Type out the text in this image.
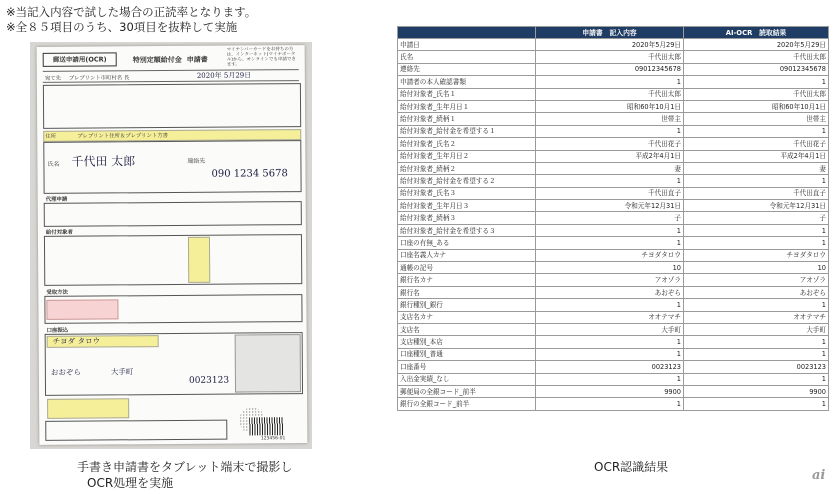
※当記入内容で試した場合の正読率となります。
※全８５項目のうち、30項目を抜粋して実施
郵送申請用(OCR)	特別定額給付金 申請書
マイナンバーカードをお持ちの方は、インターネット(マイナポータル)から、オンラインでも申請できます。
宛て先 プレプリント市町村名 長	2020年 5月29日
住所	プレプリント住所＆プレプリント方書
氏名 千代田 太郎	連絡先
090 1234 5678
代理申請
給付対象者
受取方法
口座振込
チヨダ タロウ
おおぞら	大手町
0023123
123456-01
手書き申請書をタブレット端末で撮影し
OCR処理を実施
	申請書　記入内容	AI-OCR　読取結果
申請日	2020年5月29日	2020年5月29日
氏名	千代田太郎	千代田太郎
連絡先	09012345678	09012345678
申請者の本人確認書類	1	1
給付対象者_氏名１	千代田太郎	千代田太郎
給付対象者_生年月日１	昭和60年10月1日	昭和60年10月1日
給付対象者_続柄１	世帯主	世帯主
給付対象者_給付金を希望する１	1	1
給付対象者_氏名２	千代田花子	千代田花子
給付対象者_生年月日２	平成2年4月1日	平成2年4月1日
給付対象者_続柄２	妻	妻
給付対象者_給付金を希望する２	1	1
給付対象者_氏名３	千代田直子	千代田直子
給付対象者_生年月日３	令和元年12月31日	令和元年12月31日
給付対象者_続柄３	子	子
給付対象者_給付金を希望する３	1	1
口座の有無_ある	1	1
口座名義人カナ	チヨダタロウ	チヨダタロウ
通帳の記号	10	10
銀行名カナ	アオゾラ	アオゾラ
銀行名	あおぞら	あおぞら
銀行種別_銀行	1	1
支店名カナ	オオテマチ	オオテマチ
支店名	大手町	大手町
支店種別_本店	1	1
口座種別_普通	1	1
口座番号	0023123	0023123
入出金実績_なし	1	1
郵便局の全銀コード_前半	9900	9900
銀行の全銀コード_前半	1	1
OCR認識結果
ai
